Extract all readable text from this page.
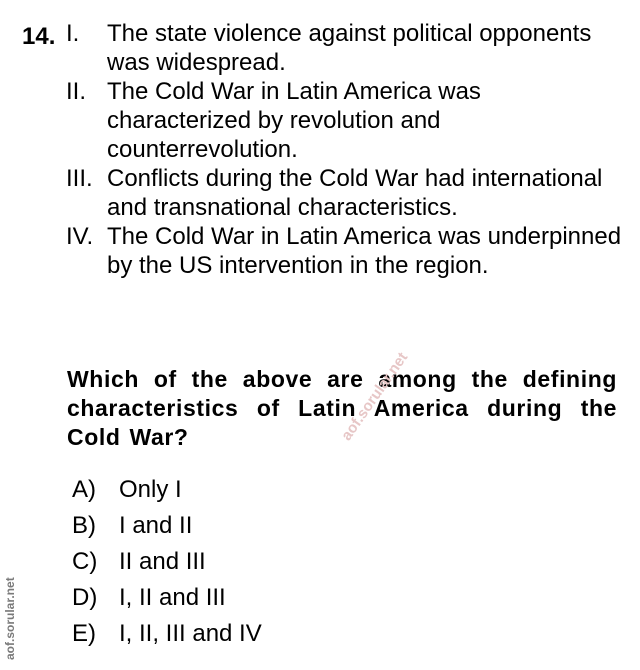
14. I. The state violence against political opponents was widespread.
II. The Cold War in Latin America was characterized by revolution and counterrevolution.
III. Conflicts during the Cold War had international and transnational characteristics.
IV. The Cold War in Latin America was underpinned by the US intervention in the region.

Which of the above are among the defining characteristics of Latin America during the Cold War?

A) Only I
B) I and II
C) II and III
D) I, II and III
E) I, II, III and IV
aof.sorular.net
aof.sorular.net
